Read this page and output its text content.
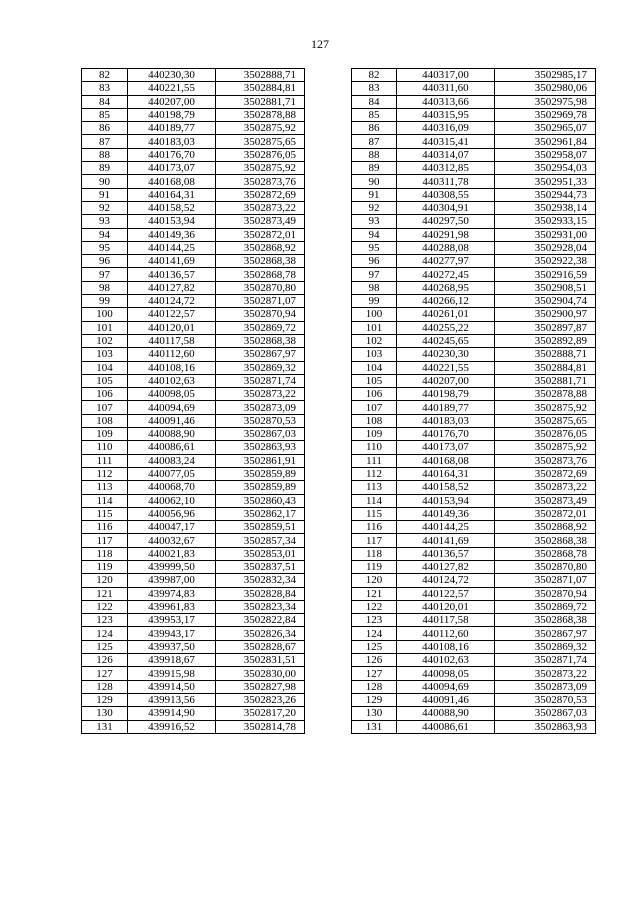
127
82	440230,30	3502888,71		82	440317,00	3502985,17
83	440221,55	3502884,81		83	440311,60	3502980,06
84	440207,00	3502881,71		84	440313,66	3502975,98
85	440198,79	3502878,88		85	440315,95	3502969,78
86	440189,77	3502875,92		86	440316,09	3502965,07
87	440183,03	3502875,65		87	440315,41	3502961,84
88	440176,70	3502876,05		88	440314,07	3502958,07
89	440173,07	3502875,92		89	440312,85	3502954,03
90	440168,08	3502873,76		90	440311,78	3502951,33
91	440164,31	3502872,69		91	440308,55	3502944,73
92	440158,52	3502873,22		92	440304,91	3502938,14
93	440153,94	3502873,49		93	440297,50	3502933,15
94	440149,36	3502872,01		94	440291,98	3502931,00
95	440144,25	3502868,92		95	440288,08	3502928,04
96	440141,69	3502868,38		96	440277,97	3502922,38
97	440136,57	3502868,78		97	440272,45	3502916,59
98	440127,82	3502870,80		98	440268,95	3502908,51
99	440124,72	3502871,07		99	440266,12	3502904,74
100	440122,57	3502870,94		100	440261,01	3502900,97
101	440120,01	3502869,72		101	440255,22	3502897,87
102	440117,58	3502868,38		102	440245,65	3502892,89
103	440112,60	3502867,97		103	440230,30	3502888,71
104	440108,16	3502869,32		104	440221,55	3502884,81
105	440102,63	3502871,74		105	440207,00	3502881,71
106	440098,05	3502873,22		106	440198,79	3502878,88
107	440094,69	3502873,09		107	440189,77	3502875,92
108	440091,46	3502870,53		108	440183,03	3502875,65
109	440088,90	3502867,03		109	440176,70	3502876,05
110	440086,61	3502863,93		110	440173,07	3502875,92
111	440083,24	3502861,91		111	440168,08	3502873,76
112	440077,05	3502859,89		112	440164,31	3502872,69
113	440068,70	3502859,89		113	440158,52	3502873,22
114	440062,10	3502860,43		114	440153,94	3502873,49
115	440056,96	3502862,17		115	440149,36	3502872,01
116	440047,17	3502859,51		116	440144,25	3502868,92
117	440032,67	3502857,34		117	440141,69	3502868,38
118	440021,83	3502853,01		118	440136,57	3502868,78
119	439999,50	3502837,51		119	440127,82	3502870,80
120	439987,00	3502832,34		120	440124,72	3502871,07
121	439974,83	3502828,84		121	440122,57	3502870,94
122	439961,83	3502823,34		122	440120,01	3502869,72
123	439953,17	3502822,84		123	440117,58	3502868,38
124	439943,17	3502826,34		124	440112,60	3502867,97
125	439937,50	3502828,67		125	440108,16	3502869,32
126	439918,67	3502831,51		126	440102,63	3502871,74
127	439915,98	3502830,00		127	440098,05	3502873,22
128	439914,50	3502827,98		128	440094,69	3502873,09
129	439913,56	3502823,26		129	440091,46	3502870,53
130	439914,90	3502817,20		130	440088,90	3502867,03
131	439916,52	3502814,78		131	440086,61	3502863,93
